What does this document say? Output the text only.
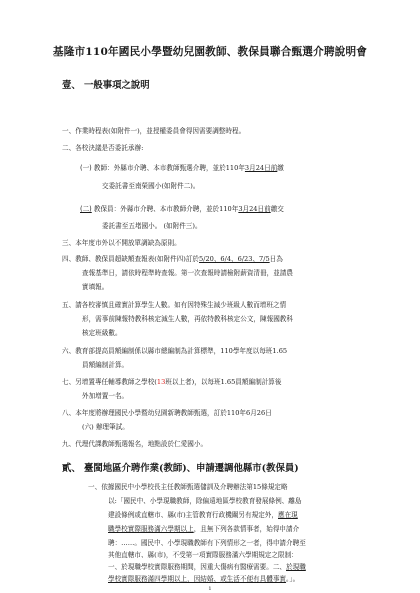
基隆市110年國民小學暨幼兒園教師、教保員聯合甄選介聘說明會
壹、 一般事項之說明
一、作業時程表(如附件一)，並授權委員會得因需要調整時程。
二、各校決議是否委託承辦:
(一) 教師：外縣市介聘、本市教師甄選介聘，並於110年3月24日前繳
交委託書至南榮國小(如附件二)。
(二) 教保員：外縣市介聘、本市教師介聘，並於110年3月24日前繳交
委託書至五堵國小。 (如附件三)。
三、本年度市外以不開放單調缺為原則。
四、教師、教保員超缺額查報表(如附件四)訂於5/20、6/4、6/23、7/5日為
查報基準日，請依時程準時查報。第一次查報時請檢附薪資清冊，並請農
實填報。
五、請各校審慎且確實計算學生人數。如有因特殊生減少班級人數而增班之情
形，需事前陳報特教科核定減生人數，再依特教科核定公文，陳報國教科
核定班級數。
六、教育部提高員額編制係以縣市總編制為計算標準，110學年度以每班1.65
員額編制計算。
七、另增置專任輔導教師之學校(13班以上者)，以每班1.65員額編制計算後
外加增置一名。
八、本年度將辦理國民小學暨幼兒園新聘教師甄選，訂於110年6月26日
(六) 辦理筆試。
九、代理代課教師甄選報名，地點設於仁愛國小。
貳、 臺閩地區介聘作業(教師)、申請遷調他縣市(教保員)
一、依據國民中小學校長主任教師甄選儲訓及介聘辦法第15條規定略
以:「國民中、小學現職教師，除偏遠地區學校教育發展條例、離島
建設條例或直轄市、縣(市)主管教育行政機關另有規定外，應在現
職學校實際服務滿六學期以上，且無下列各款情事者，始得申請介
聘：……。國民中、小學現職教師有下列情形之一者，得申請介聘至
其他直轄市、縣(市)，不受第一項實際服務滿六學期規定之限制：
一、於現職學校實際服務期間，因重大傷病有醫療需要。二、於現職
學校實際服務滿四學期以上，因結婚、或生活不便有具體事實。」。
1
